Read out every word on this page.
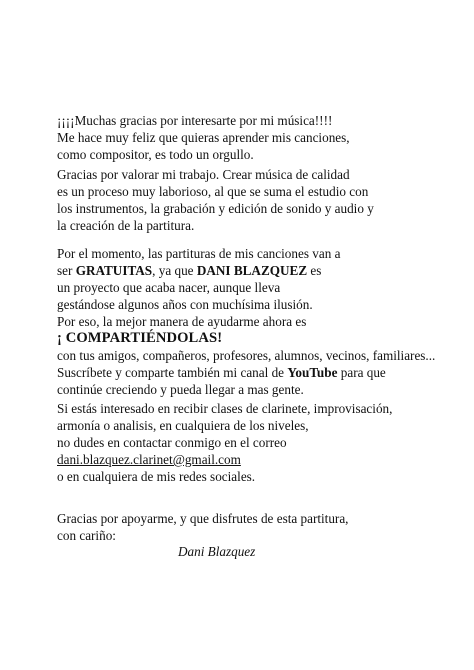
¡¡¡¡Muchas gracias por interesarte por mi música!!!!
Me hace muy feliz que quieras aprender mis canciones,
como compositor, es todo un orgullo.
Gracias por valorar mi trabajo. Crear música de calidad
es un proceso muy laborioso, al que se suma el estudio con
los instrumentos, la grabación y edición de sonido y audio y
la creación de la partitura.
Por el momento, las partituras de mis canciones van a
ser GRATUITAS, ya que DANI BLAZQUEZ es
un proyecto que acaba nacer, aunque lleva
gestándose algunos años con muchísima ilusión.
Por eso, la mejor manera de ayudarme ahora es
¡ COMPARTIÉNDOLAS!
con tus amigos, compañeros, profesores, alumnos, vecinos, familiares...
Suscríbete y comparte también mi canal de YouTube para que
continúe creciendo y pueda llegar a mas gente.
Si estás interesado en recibir clases de clarinete, improvisación,
armonía o analisis, en cualquiera de los niveles,
no dudes en contactar conmigo en el correo
dani.blazquez.clarinet@gmail.com
o en cualquiera de mis redes sociales.
Gracias por apoyarme, y que disfrutes de esta partitura,
con cariño:
Dani Blazquez
